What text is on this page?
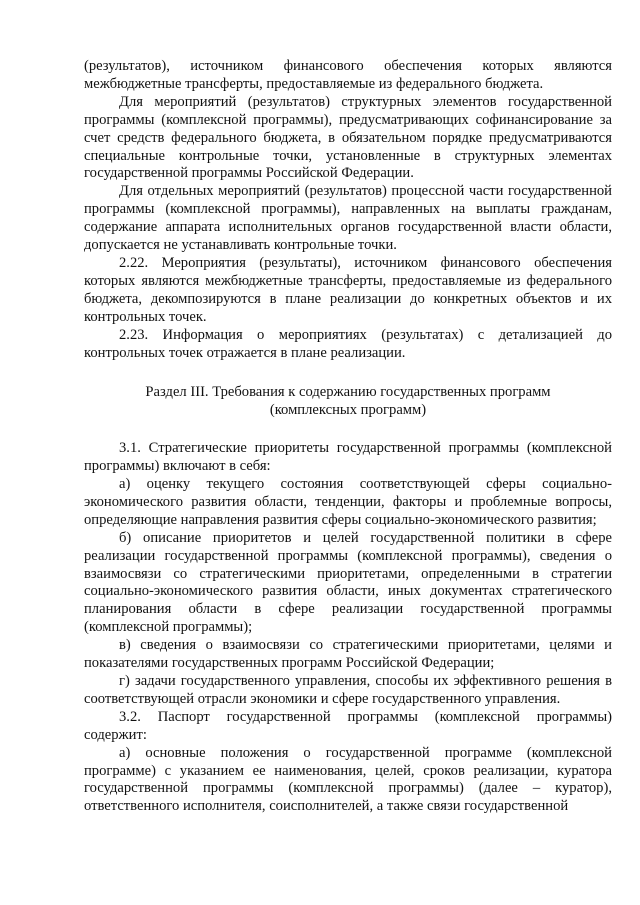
(результатов), источником финансового обеспечения которых являются межбюджетные трансферты, предоставляемые из федерального бюджета.

Для мероприятий (результатов) структурных элементов государственной программы (комплексной программы), предусматривающих софинансирование за счет средств федерального бюджета, в обязательном порядке предусматриваются специальные контрольные точки, установленные в структурных элементах государственной программы Российской Федерации.

Для отдельных мероприятий (результатов) процессной части государственной программы (комплексной программы), направленных на выплаты гражданам, содержание аппарата исполнительных органов государственной власти области, допускается не устанавливать контрольные точки.

2.22. Мероприятия (результаты), источником финансового обеспечения которых являются межбюджетные трансферты, предоставляемые из федерального бюджета, декомпозируются в плане реализации до конкретных объектов и их контрольных точек.

2.23. Информация о мероприятиях (результатах) с детализацией до контрольных точек отражается в плане реализации.

Раздел III. Требования к содержанию государственных программ
(комплексных программ)

3.1. Стратегические приоритеты государственной программы (комплексной программы) включают в себя:

а) оценку текущего состояния соответствующей сферы социально-экономического развития области, тенденции, факторы и проблемные вопросы, определяющие направления развития сферы социально-экономического развития;

б) описание приоритетов и целей государственной политики в сфере реализации государственной программы (комплексной программы), сведения о взаимосвязи со стратегическими приоритетами, определенными в стратегии социально-экономического развития области, иных документах стратегического планирования области в сфере реализации государственной программы (комплексной программы);

в) сведения о взаимосвязи со стратегическими приоритетами, целями и показателями государственных программ Российской Федерации;

г) задачи государственного управления, способы их эффективного решения в соответствующей отрасли экономики и сфере государственного управления.

3.2. Паспорт государственной программы (комплексной программы) содержит:

а) основные положения о государственной программе (комплексной программе) с указанием ее наименования, целей, сроков реализации, куратора государственной программы (комплексной программы) (далее – куратор), ответственного исполнителя, соисполнителей, а также связи государственной
